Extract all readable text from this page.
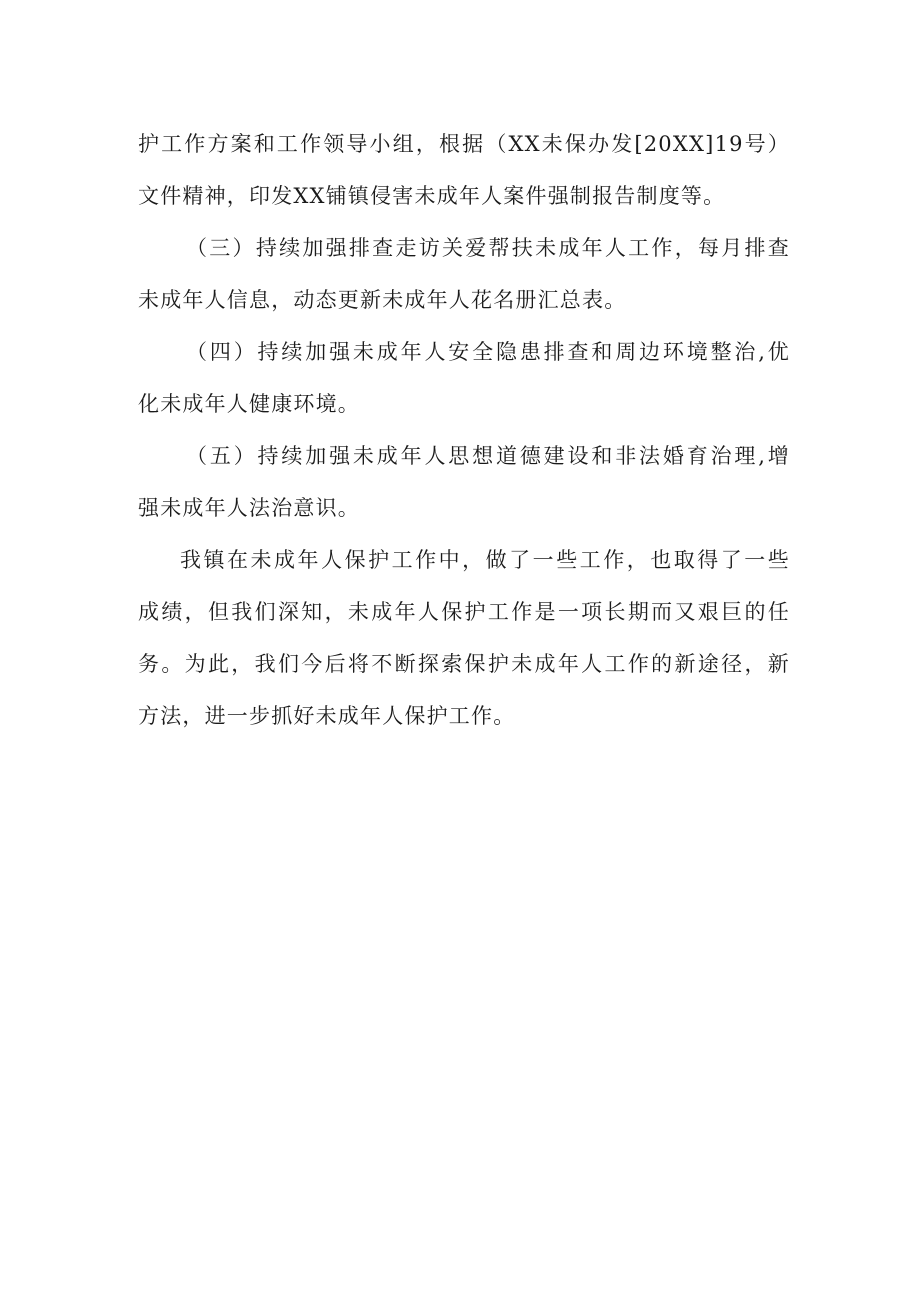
护工作方案和工作领导小组，根据（XX未保办发[20XX]19号）
文件精神，印发XX铺镇侵害未成年人案件强制报告制度等。
（三）持续加强排查走访关爱帮扶未成年人工作，每月排查
未成年人信息，动态更新未成年人花名册汇总表。
（四）持续加强未成年人安全隐患排查和周边环境整治,优
化未成年人健康环境。
（五）持续加强未成年人思想道德建设和非法婚育治理,增
强未成年人法治意识。
我镇在未成年人保护工作中，做了一些工作，也取得了一些
成绩，但我们深知，未成年人保护工作是一项长期而又艰巨的任
务。为此，我们今后将不断探索保护未成年人工作的新途径，新
方法，进一步抓好未成年人保护工作。
